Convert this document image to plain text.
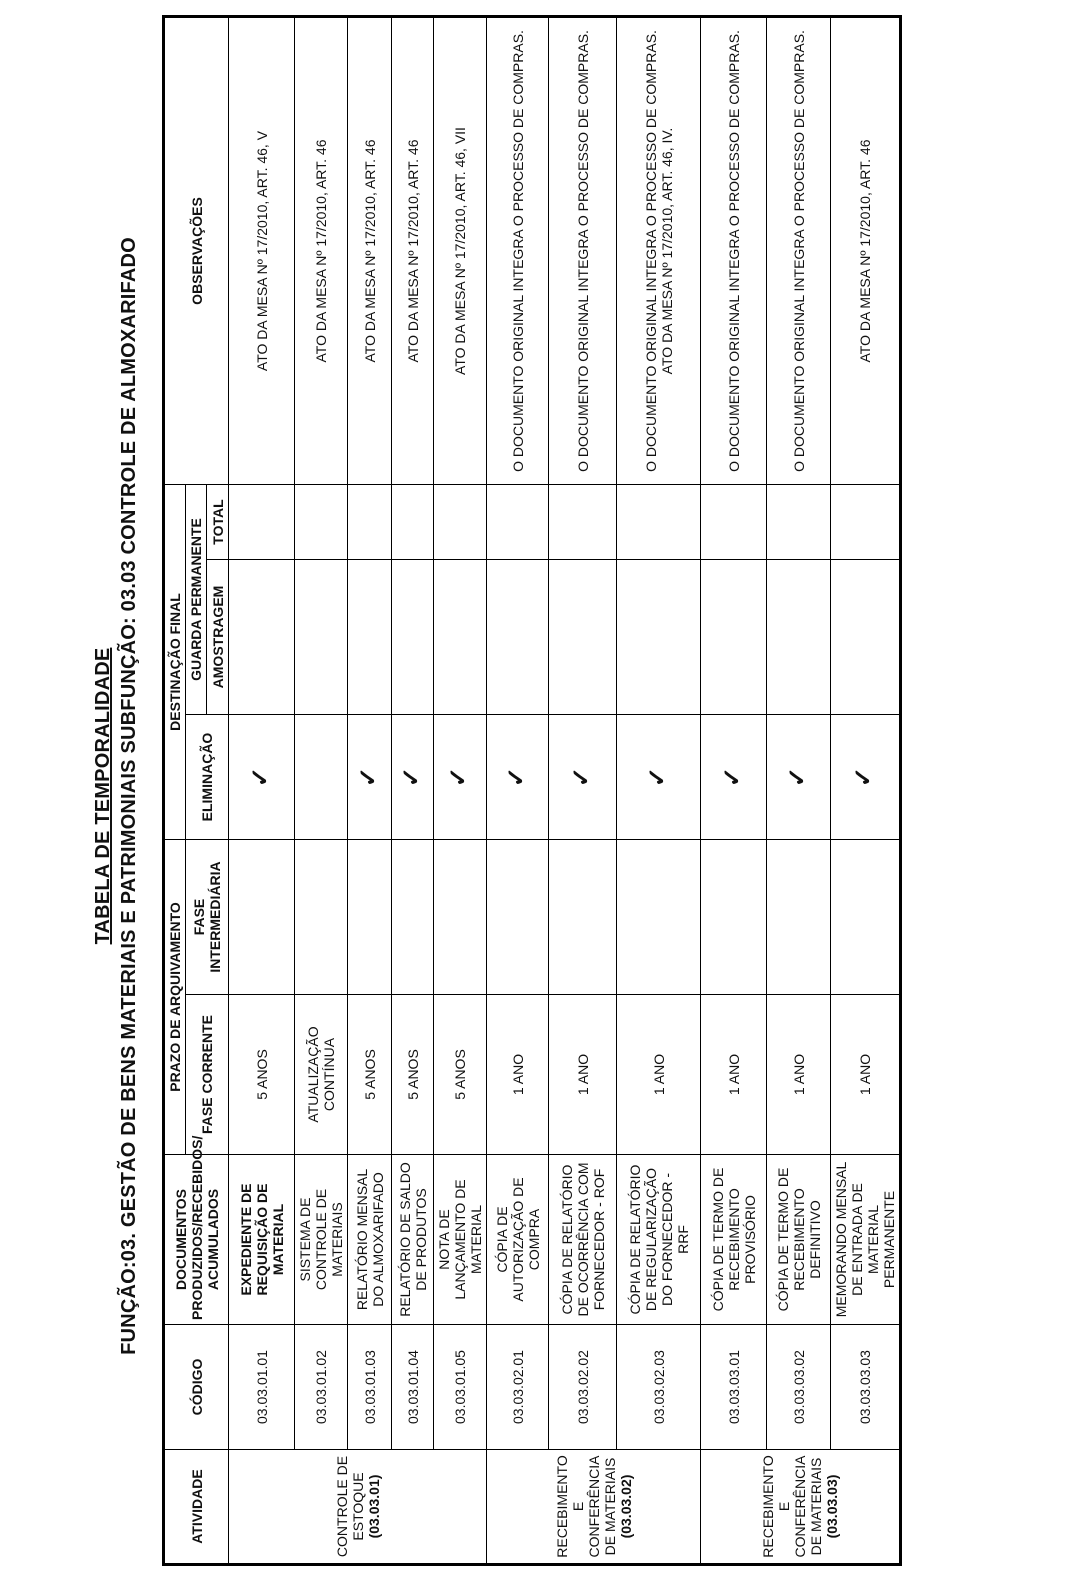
TABELA DE TEMPORALIDADE FUNÇÃO:03. GESTÃO DE BENS MATERIAIS E PATRIMONIAIS SUBFUNÇÃO: 03.03 CONTROLE DE ALMOXARIFADO
ATIVIDADE	CÓDIGO	DOCUMENTOS PRODUZIDOS/RECEBIDOS/ ACUMULADOS	PRAZO DE ARQUIVAMENTO		DESTINAÇÃO FINAL			OBSERVAÇÕES
			FASE CORRENTE	FASE INTERMEDIÁRIA	ELIMINAÇÃO	GUARDA PERMANENTE		
						AMOSTRAGEM	TOTAL	
CONTROLE DE ESTOQUE
(03.03.01)	03.03.01.01	EXPEDIENTE DE REQUISIÇÃO DE MATERIAL	5 ANOS		✓			ATO DA MESA Nº 17/2010, ART. 46, V
	03.03.01.02	SISTEMA DE CONTROLE DE MATERIAIS	ATUALIZAÇÃO CONTÍNUA					ATO DA MESA Nº 17/2010, ART. 46
	03.03.01.03	RELATÓRIO MENSAL DO ALMOXARIFADO	5 ANOS		✓			ATO DA MESA Nº 17/2010, ART. 46
	03.03.01.04	RELATÓRIO DE SALDO DE PRODUTOS	5 ANOS		✓			ATO DA MESA Nº 17/2010, ART. 46
	03.03.01.05	NOTA DE LANÇAMENTO DE MATERIAL	5 ANOS		✓			ATO DA MESA Nº 17/2010, ART. 46, VII
RECEBIMENTO E CONFERÊNCIA DE MATERIAIS
(03.03.02)	03.03.02.01	CÓPIA DE AUTORIZAÇÃO DE COMPRA	1 ANO		✓			O DOCUMENTO ORIGINAL INTEGRA O PROCESSO DE COMPRAS.
	03.03.02.02	CÓPIA DE RELATÓRIO DE OCORRÊNCIA COM FORNECEDOR - ROF	1 ANO		✓			O DOCUMENTO ORIGINAL INTEGRA O PROCESSO DE COMPRAS.
	03.03.02.03	CÓPIA DE RELATÓRIO DE REGULARIZAÇÃO DO FORNECEDOR - RRF	1 ANO		✓			O DOCUMENTO ORIGINAL INTEGRA O PROCESSO DE COMPRAS. ATO DA MESA Nº 17/2010, ART. 46, IV.
RECEBIMENTO E CONFERÊNCIA DE MATERIAIS
(03.03.03)	03.03.03.01	CÓPIA DE TERMO DE RECEBIMENTO PROVISÓRIO	1 ANO		✓			O DOCUMENTO ORIGINAL INTEGRA O PROCESSO DE COMPRAS.
	03.03.03.02	CÓPIA DE TERMO DE RECEBIMENTO DEFINITIVO	1 ANO		✓			O DOCUMENTO ORIGINAL INTEGRA O PROCESSO DE COMPRAS.
	03.03.03.03	MEMORANDO MENSAL DE ENTRADA DE MATERIAL PERMANENTE	1 ANO		✓			ATO DA MESA Nº 17/2010, ART. 46
